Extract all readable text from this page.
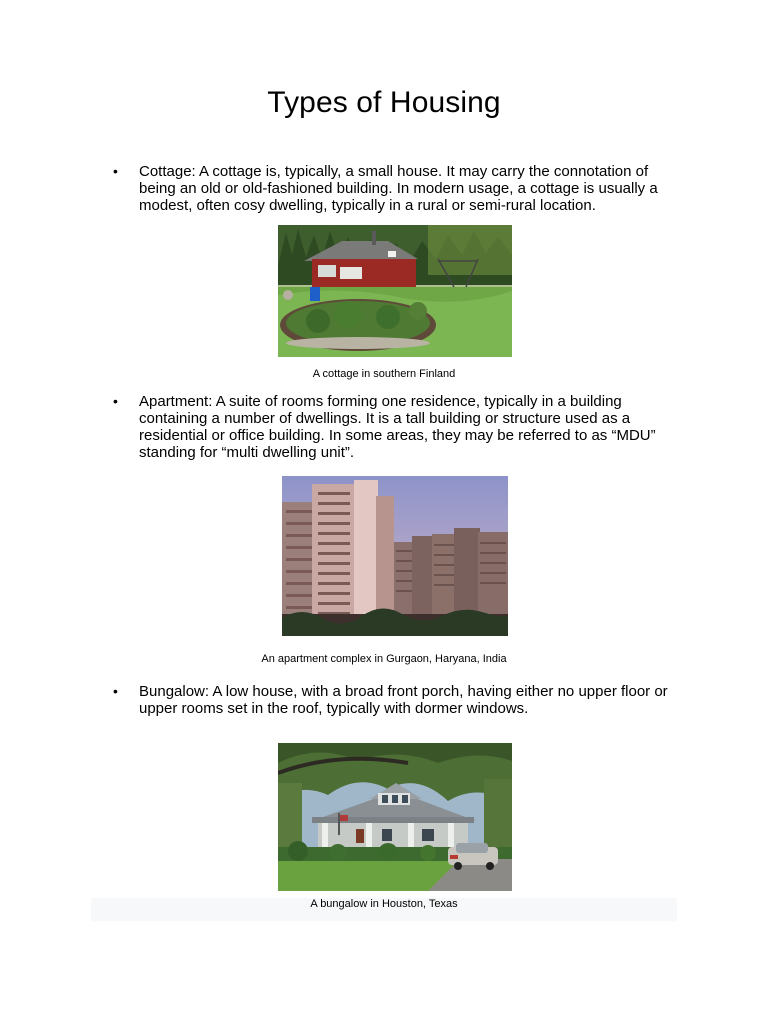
Types of Housing
• Cottage: A cottage is, typically, a small house. It may carry the connotation of being an old or old-fashioned building. In modern usage, a cottage is usually a modest, often cosy dwelling, typically in a rural or semi-rural location.
A cottage in southern Finland
• Apartment: A suite of rooms forming one residence, typically in a building containing a number of dwellings. It is a tall building or structure used as a residential or office building. In some areas, they may be referred to as “MDU” standing for “multi dwelling unit”.
An apartment complex in Gurgaon, Haryana, India
• Bungalow: A low house, with a broad front porch, having either no upper floor or upper rooms set in the roof, typically with dormer windows.
A bungalow in Houston, Texas
